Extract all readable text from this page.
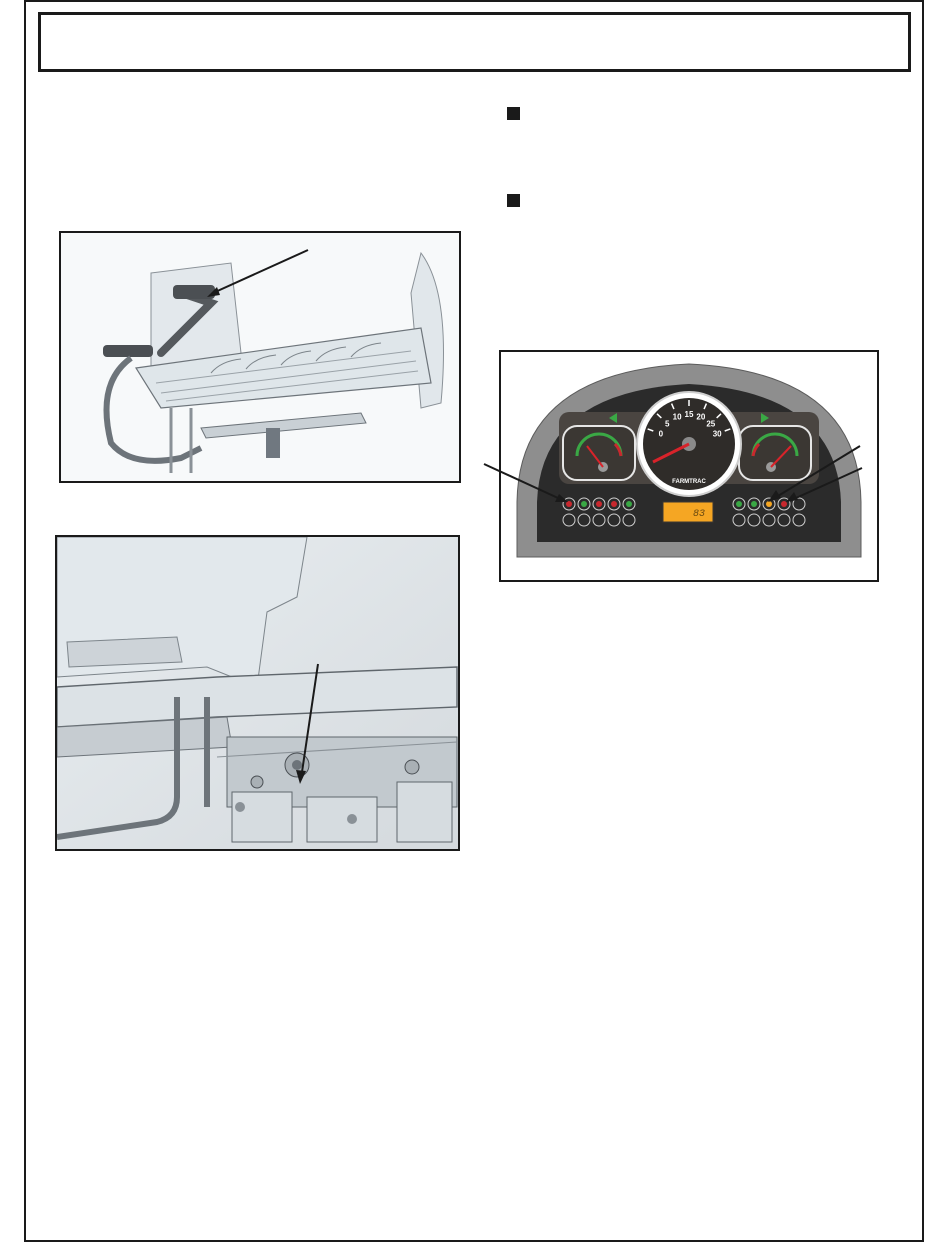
0
5
10 15 20
25
30
FARMTRAC
83
